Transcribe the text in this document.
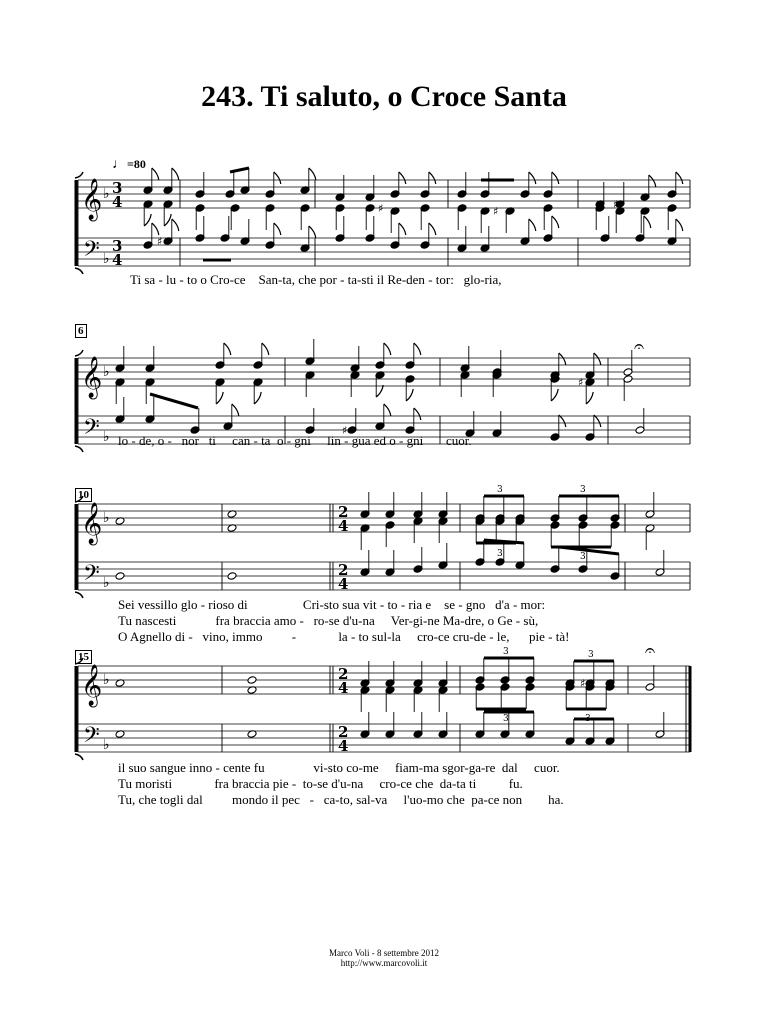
243. Ti saluto, o Croce Santa
♩=80
𝄞
𝄢
♭
♭
3
4
3
4
♯	♯
♯
♯
Ti sa - lu - to o Cro-ce San-ta, che por - ta-sti il Re-den - tor: glo-ria,
6
𝄞
𝄢
♭
♭
𝄐
♯
♯
lo - de, o - nor ti can - ta o - gni lin - gua ed o - gni cuor.
10
𝄞
𝄢
♭
♭
2
4
2
4
3	3
3	3
Sei vessillo glo - rioso di	Cri-sto sua vit - to - ria e se - gno d'a - mor:
Tu nascesti	fra braccia amo - ro-se d'u-na Ver-gi-ne Ma-dre, o Ge - sù,
O Agnello di - vino, immo -	la - to sul-la cro-ce cru-de - le, pie - tà!
15
𝄞
𝄢
♭
♭
2
4
2
4
3	3
3	3
𝄐
♯
il suo sangue inno - cente fu	vi-sto co-me fiam-ma sgor-ga-re dal cuor.
Tu moristi	fra braccia pie - to-se d'u-na cro-ce che da-ta ti	fu.
Tu, che togli dal mondo il pec - ca-to, sal-va l'uo-mo che pa-ce non ha.
Marco Voli - 8 settembre 2012
http://www.marcovoli.it
